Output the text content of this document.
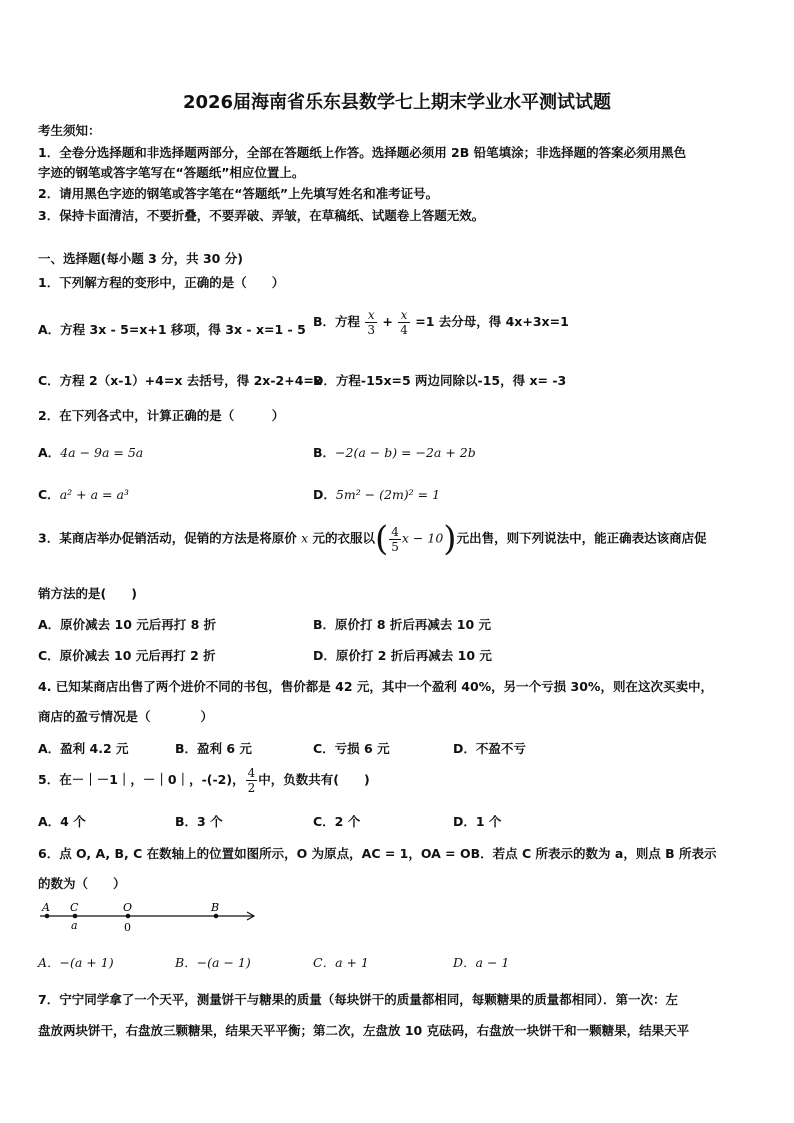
2026届海南省乐东县数学七上期末学业水平测试试题
考生须知：
1．全卷分选择题和非选择题两部分，全部在答题纸上作答。选择题必须用 2B 铅笔填涂；非选择题的答案必须用黑色
字迹的钢笔或答字笔写在“答题纸”相应位置上。
2．请用黑色字迹的钢笔或答字笔在“答题纸”上先填写姓名和准考证号。
3．保持卡面清洁，不要折叠，不要弄破、弄皱，在草稿纸、试题卷上答题无效。
一、选择题(每小题 3 分，共 30 分)
1．下列解方程的变形中，正确的是（　　）
A．方程 3x - 5=x+1 移项，得 3x - x=1 - 5
B．方程 $\frac{x}{3} + \frac{x}{4} =1$ 去分母，得 4x+3x=1
C．方程 2（x-1）+4=x 去括号，得 2x-2+4=x
D．方程-15x=5 两边同除以-15，得 x= -3
2．在下列各式中，计算正确的是（　　　）
A．4a − 9a = 5a	B．−2(a − b) = −2a + 2b
C．a² + a = a³	D．5m² − (2m)² = 1
3．某商店举办促销活动，促销的方法是将原价 x 元的衣服以( $\frac{4}{5}$ x − 10)元出售，则下列说法中，能正确表达该商店促
销方法的是(　　)
A．原价减去 10 元后再打 8 折	B．原价打 8 折后再减去 10 元
C．原价减去 10 元后再打 2 折	D．原价打 2 折后再减去 10 元
4. 已知某商店出售了两个进价不同的书包，售价都是 42 元，其中一个盈利 40%，另一个亏损 30%，则在这次买卖中，
商店的盈亏情况是（　　　　）
A．盈利 4.2 元	B．盈利 6 元	C．亏损 6 元	D．不盈不亏
5．在－｜－1｜，－｜0｜，-(-2)， $\frac{4}{2}$ 中，负数共有(　　)
A．4 个	B．3 个	C．2 个	D．1 个
6．点 O, A, B, C 在数轴上的位置如图所示，O 为原点，AC = 1，OA = OB．若点 C 所表示的数为 a，则点 B 所表示
的数为（　　）
A C	O	B
a	0
A．−(a + 1)	B．−(a − 1)	C．a + 1	D．a − 1
7．宁宁同学拿了一个天平，测量饼干与糖果的质量（每块饼干的质量都相同，每颗糖果的质量都相同）．第一次：左
盘放两块饼干，右盘放三颗糖果，结果天平平衡；第二次，左盘放 10 克砝码，右盘放一块饼干和一颗糖果，结果天平
